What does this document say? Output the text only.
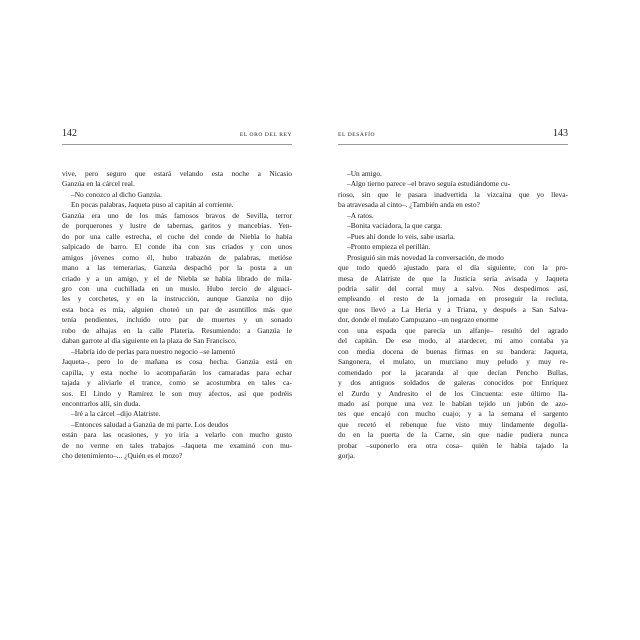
142	EL ORO DEL REY

vive, pero seguro que estará velando esta noche a Nicasio

Ganzúa en la cárcel real.

–No conozco al dicho Ganzúa.

En pocas palabras, Jaqueta puso al capitán al corriente.

Ganzúa era uno de los más famosos bravos de Sevilla, terror

de porquerones y lustre de tabernas, garitos y mancebías. Yen-

do por una calle estrecha, el coche del conde de Niebla lo había

salpicado de barro. El conde iba con sus criados y con unos

amigos jóvenes como él, hubo trabazón de palabras, metióse

mano a las temerarias, Ganzúa despachó por la posta a un

criado y a un amigo, y el de Niebla se había librado de mila-

gro con una cuchillada en un muslo. Hubo tercio de alguaci-

les y corchetes, y en la instrucción, aunque Ganzúa no dijo

esta boca es mía, alguien choteó un par de asuntillos más que

tenía pendientes, incluido otro par de muertes y un sonado

robo de alhajas en la calle Platería. Resumiendo: a Ganzúa le

daban garrote al día siguiente en la plaza de San Francisco.

–Habría ido de perlas para nuestro negocio –se lamentó

Jaqueta–, pero lo de mañana es cosa hecha. Ganzúa está en

capilla, y esta noche lo acompañarán los camaradas para echar

tajada y aliviarle el trance, como se acostumbra en tales ca-

sos. El Lindo y Ramírez le son muy afectos, así que podréis

encontrarlos allí, sin duda.

–Iré a la cárcel –dijo Alatriste.

–Entonces saludad a Ganzúa de mi parte. Los deudos

están para las ocasiones, y yo iría a velarlo con mucho gusto

de no verme en tales trabajos –Jaqueta me examinó con mu-

cho detenimiento–... ¿Quién es el mozo?

EL DESAFÍO	143

–Un amigo.

–Algo tierno parece –el bravo seguía estudiándome cu-

rioso, sin que le pasara inadvertida la vizcaína que yo lleva-

ba atravesada al cinto–. ¿También anda en esto?

–A ratos.

–Bonita vaciadora, la que carga.

–Pues ahí donde lo veis, sabe usarla.

–Pronto empieza el perillán.

Prosiguió sin más novedad la conversación, de modo

que todo quedó ajustado para el día siguiente, con la pro-

mesa de Alatriste de que la Justicia sería avisada y Jaqueta

podría salir del corral muy a salvo. Nos despedimos así,

empleando el resto de la jornada en proseguir la recluta,

que nos llevó a La Heria y a Triana, y después a San Salva-

dor, donde el mulato Campuzano –un negrazo enorme

con una espada que parecía un alfanje– resultó del agrado

del capitán. De ese modo, al atardecer, mi amo contaba ya

con media docena de buenas firmas en su bandera: Jaqueta,

Sangonera, el mulato, un murciano muy peludo y muy re-

comendado por la jacaranda al que decían Pencho Bullas,

y dos antiguos soldados de galeras conocidos por Enríquez

el Zurdo y Andresito el de los Cincuenta: este último lla-

mado así porque una vez le habían tejido un jubón de azo-

tes que encajó con mucho cuajo; y a la semana el sargento

que recetó el rebenque fue visto muy lindamente degolla-

do en la puerta de la Carne, sin que nadie pudiera nunca

probar –suponerlo era otra cosa– quién le había tajado la

gorja.
